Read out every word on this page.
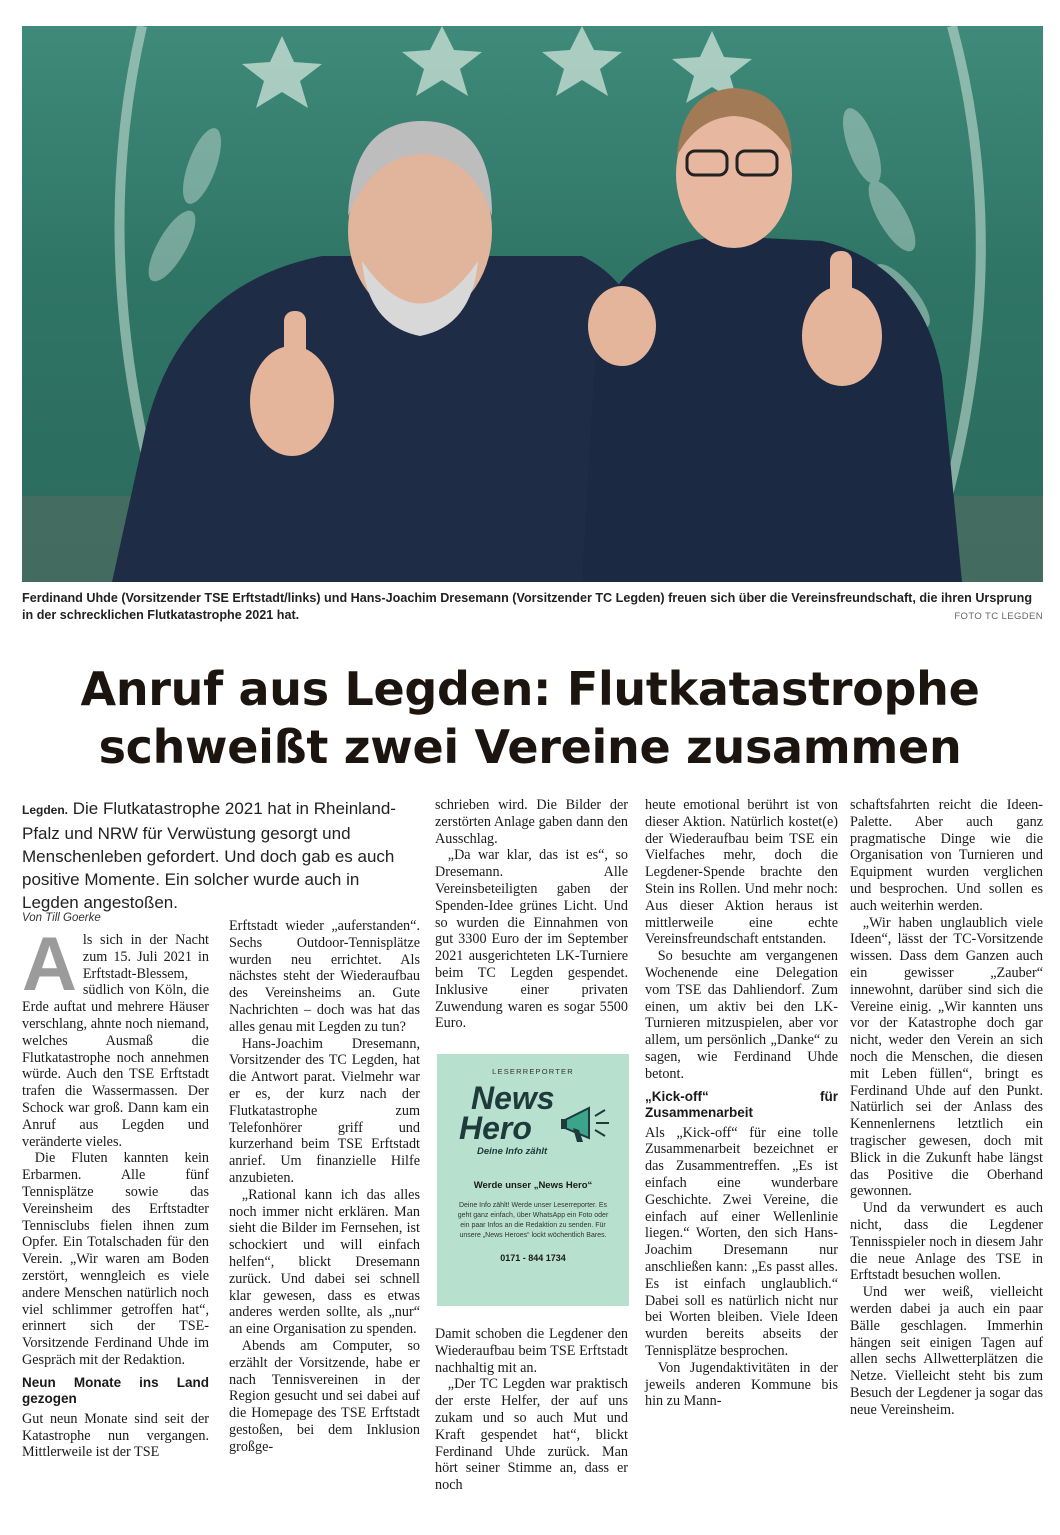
Ferdinand Uhde (Vorsitzender TSE Erftstadt/links) und Hans-Joachim Dresemann (Vorsitzender TC Legden) freuen sich über die Vereinsfreundschaft, die ihren Ursprung in der schrecklichen Flutkatastrophe 2021 hat.	FOTO TC LEGDEN
Anruf aus Legden: Flutkatastrophe
schweißt zwei Vereine zusammen
Legden. Die Flutkatastrophe 2021 hat in Rheinland-Pfalz und NRW für Verwüstung gesorgt und Menschenleben gefordert. Und doch gab es auch positive Momente. Ein solcher wurde auch in Legden angestoßen.
Von Till Goerke

Als sich in der Nacht zum 15. Juli 2021 in Erftstadt-Blessem, südlich von Köln, die Erde auftat und mehrere Häuser verschlang, ahnte noch niemand, welches Ausmaß die Flutkatastrophe noch annehmen würde. Auch den TSE Erftstadt trafen die Wassermassen. Der Schock war groß. Dann kam ein Anruf aus Legden und veränderte vieles.

Die Fluten kannten kein Erbarmen. Alle fünf Tennisplätze sowie das Vereinsheim des Erftstadter Tennisclubs fielen ihnen zum Opfer. Ein Totalschaden für den Verein. „Wir waren am Boden zerstört, wenngleich es viele andere Menschen natürlich noch viel schlimmer getroffen hat“, erinnert sich der TSE-Vorsitzende Ferdinand Uhde im Gespräch mit der Redaktion.

Neun Monate ins Land gezogen

Gut neun Monate sind seit der Katastrophe nun vergangen. Mittlerweile ist der TSE

Erftstadt wieder „auferstanden“. Sechs Outdoor-Tennisplätze wurden neu errichtet. Als nächstes steht der Wiederaufbau des Vereinsheims an. Gute Nachrichten – doch was hat das alles genau mit Legden zu tun?

Hans-Joachim Dresemann, Vorsitzender des TC Legden, hat die Antwort parat. Vielmehr war er es, der kurz nach der Flutkatastrophe zum Telefonhörer griff und kurzerhand beim TSE Erftstadt anrief. Um finanzielle Hilfe anzubieten.

„Rational kann ich das alles noch immer nicht erklären. Man sieht die Bilder im Fernsehen, ist schockiert und will einfach helfen“, blickt Dresemann zurück. Und dabei sei schnell klar gewesen, dass es etwas anderes werden sollte, als „nur“ an eine Organisation zu spenden.

Abends am Computer, so erzählt der Vorsitzende, habe er nach Tennisvereinen in der Region gesucht und sei dabei auf die Homepage des TSE Erftstadt gestoßen, bei dem Inklusion großge-

schrieben wird. Die Bilder der zerstörten Anlage gaben dann den Ausschlag.

„Da war klar, das ist es“, so Dresemann. Alle Vereinsbeteiligten gaben der Spenden-Idee grünes Licht. Und so wurden die Einnahmen von gut 3300 Euro der im September 2021 ausgerichteten LK-Turniere beim TC Legden gespendet. Inklusive einer privaten Zuwendung waren es sogar 5500 Euro.

LESERREPORTER
News
Hero
Deine Info zählt
Werde unser „News Hero“
Deine Info zählt! Werde unser Leserreporter. Es geht ganz einfach, über WhatsApp ein Foto oder ein paar Infos an die Redaktion zu senden. Für unsere „News Heroes“ lockt wöchentlich Bares.
0171 - 844 1734

Damit schoben die Legdener den Wiederaufbau beim TSE Erftstadt nachhaltig mit an.

„Der TC Legden war praktisch der erste Helfer, der auf uns zukam und so auch Mut und Kraft gespendet hat“, blickt Ferdinand Uhde zurück. Man hört seiner Stimme an, dass er noch

heute emotional berührt ist von dieser Aktion. Natürlich kostet(e) der Wiederaufbau beim TSE ein Vielfaches mehr, doch die Legdener-Spende brachte den Stein ins Rollen. Und mehr noch: Aus dieser Aktion heraus ist mittlerweile eine echte Vereinsfreundschaft entstanden.

So besuchte am vergangenen Wochenende eine Delegation vom TSE das Dahliendorf. Zum einen, um aktiv bei den LK-Turnieren mitzuspielen, aber vor allem, um persönlich „Danke“ zu sagen, wie Ferdinand Uhde betont.

„Kick-off“ für Zusammenarbeit

Als „Kick-off“ für eine tolle Zusammenarbeit bezeichnet er das Zusammentreffen. „Es ist einfach eine wunderbare Geschichte. Zwei Vereine, die einfach auf einer Wellenlinie liegen.“ Worten, den sich Hans-Joachim Dresemann nur anschließen kann: „Es passt alles. Es ist einfach unglaublich.“ Dabei soll es natürlich nicht nur bei Worten bleiben. Viele Ideen wurden bereits abseits der Tennisplätze besprochen.

Von Jugendaktivitäten in der jeweils anderen Kommune bis hin zu Mann-

schaftsfahrten reicht die Ideen-Palette. Aber auch ganz pragmatische Dinge wie die Organisation von Turnieren und Equipment wurden verglichen und besprochen. Und sollen es auch weiterhin werden.

„Wir haben unglaublich viele Ideen“, lässt der TC-Vorsitzende wissen. Dass dem Ganzen auch ein gewisser „Zauber“ innewohnt, darüber sind sich die Vereine einig. „Wir kannten uns vor der Katastrophe doch gar nicht, weder den Verein an sich noch die Menschen, die diesen mit Leben füllen“, bringt es Ferdinand Uhde auf den Punkt. Natürlich sei der Anlass des Kennenlernens letztlich ein tragischer gewesen, doch mit Blick in die Zukunft habe längst das Positive die Oberhand gewonnen.

Und da verwundert es auch nicht, dass die Legdener Tennisspieler noch in diesem Jahr die neue Anlage des TSE in Erftstadt besuchen wollen.

Und wer weiß, vielleicht werden dabei ja auch ein paar Bälle geschlagen. Immerhin hängen seit einigen Tagen auf allen sechs Allwetterplätzen die Netze. Vielleicht steht bis zum Besuch der Legdener ja sogar das neue Vereinsheim.
